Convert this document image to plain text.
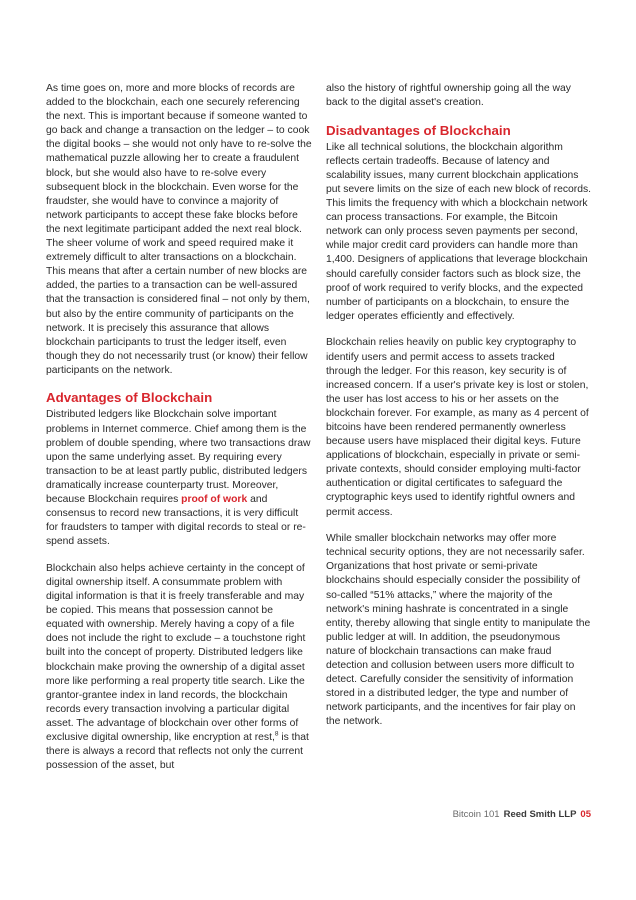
As time goes on, more and more blocks of records are added to the blockchain, each one securely referencing the next. This is important because if someone wanted to go back and change a transaction on the ledger – to cook the digital books – she would not only have to re-solve the mathematical puzzle allowing her to create a fraudulent block, but she would also have to re-solve every subsequent block in the blockchain. Even worse for the fraudster, she would have to convince a majority of network participants to accept these fake blocks before the next legitimate participant added the next real block. The sheer volume of work and speed required make it extremely difficult to alter transactions on a blockchain. This means that after a certain number of new blocks are added, the parties to a transaction can be well-assured that the transaction is considered final – not only by them, but also by the entire community of participants on the network. It is precisely this assurance that allows blockchain participants to trust the ledger itself, even though they do not necessarily trust (or know) their fellow participants on the network.

Advantages of Blockchain

Distributed ledgers like Blockchain solve important problems in Internet commerce. Chief among them is the problem of double spending, where two transactions draw upon the same underlying asset. By requiring every transaction to be at least partly public, distributed ledgers dramatically increase counterparty trust. Moreover, because Blockchain requires proof of work and consensus to record new transactions, it is very difficult for fraudsters to tamper with digital records to steal or re-spend assets.

Blockchain also helps achieve certainty in the concept of digital ownership itself. A consummate problem with digital information is that it is freely transferable and may be copied. This means that possession cannot be equated with ownership. Merely having a copy of a file does not include the right to exclude – a touchstone right built into the concept of property. Distributed ledgers like blockchain make proving the ownership of a digital asset more like performing a real property title search. Like the grantor-grantee index in land records, the blockchain records every transaction involving a particular digital asset. The advantage of blockchain over other forms of exclusive digital ownership, like encryption at rest,$^8$ is that there is always a record that reflects not only the current possession of the asset, but

also the history of rightful ownership going all the way back to the digital asset's creation.

Disadvantages of Blockchain

Like all technical solutions, the blockchain algorithm reflects certain tradeoffs. Because of latency and scalability issues, many current blockchain applications put severe limits on the size of each new block of records. This limits the frequency with which a blockchain network can process transactions. For example, the Bitcoin network can only process seven payments per second, while major credit card providers can handle more than 1,400. Designers of applications that leverage blockchain should carefully consider factors such as block size, the proof of work required to verify blocks, and the expected number of participants on a blockchain, to ensure the ledger operates efficiently and effectively.

Blockchain relies heavily on public key cryptography to identify users and permit access to assets tracked through the ledger. For this reason, key security is of increased concern. If a user's private key is lost or stolen, the user has lost access to his or her assets on the blockchain forever. For example, as many as 4 percent of bitcoins have been rendered permanently ownerless because users have misplaced their digital keys. Future applications of blockchain, especially in private or semi-private contexts, should consider employing multi-factor authentication or digital certificates to safeguard the cryptographic keys used to identify rightful owners and permit access.

While smaller blockchain networks may offer more technical security options, they are not necessarily safer. Organizations that host private or semi-private blockchains should especially consider the possibility of so-called “51% attacks,” where the majority of the network's mining hashrate is concentrated in a single entity, thereby allowing that single entity to manipulate the public ledger at will. In addition, the pseudonymous nature of blockchain transactions can make fraud detection and collusion between users more difficult to detect. Carefully consider the sensitivity of information stored in a distributed ledger, the type and number of network participants, and the incentives for fair play on the network.

Bitcoin 101 Reed Smith LLP 05
